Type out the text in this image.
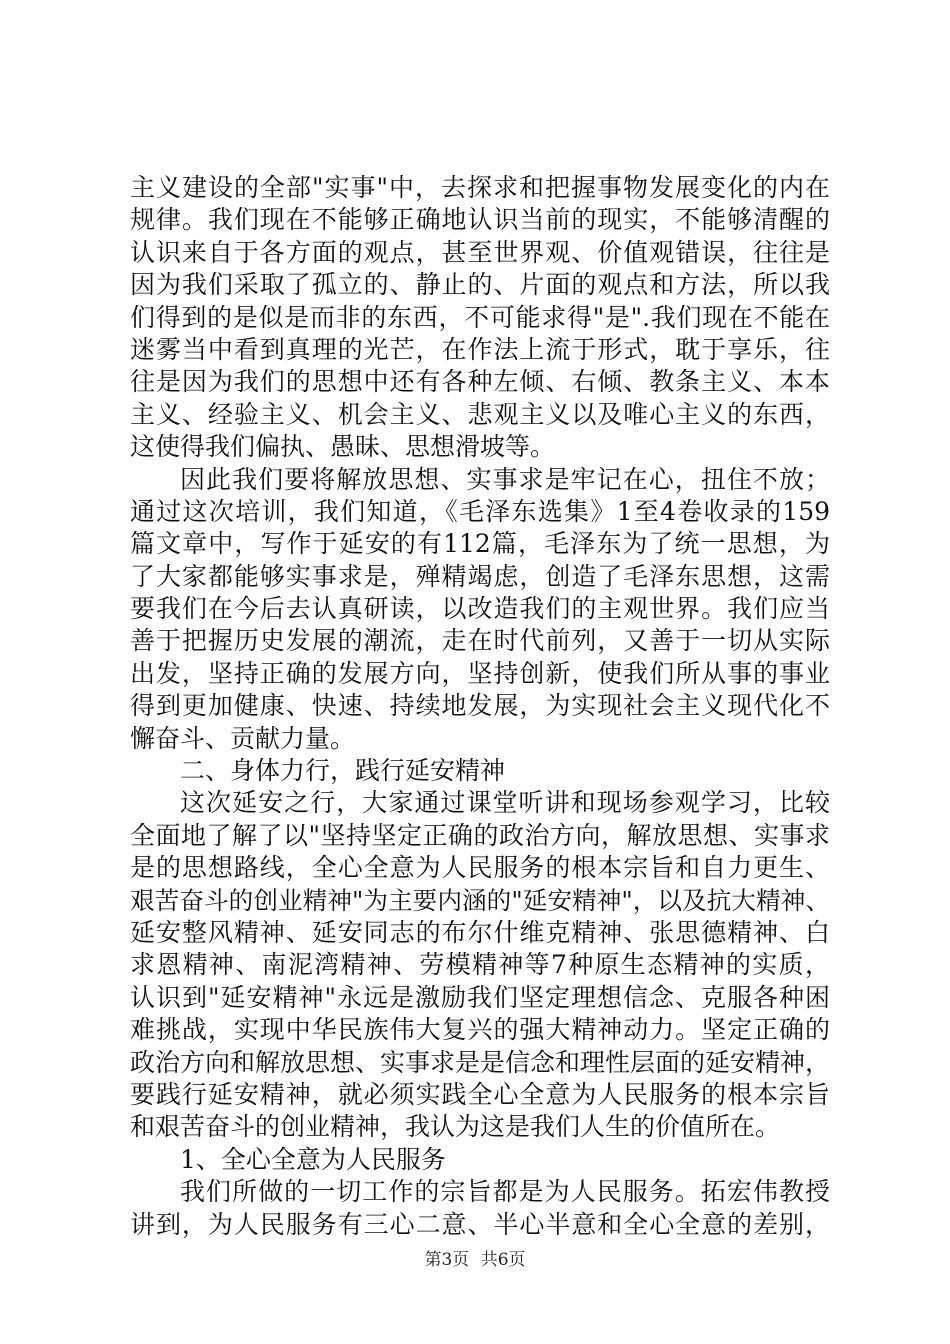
主义建设的全部"实事"中，去探求和把握事物发展变化的内在
规律。我们现在不能够正确地认识当前的现实，不能够清醒的
认识来自于各方面的观点，甚至世界观、价值观错误，往往是
因为我们采取了孤立的、静止的、片面的观点和方法，所以我
们得到的是似是而非的东西，不可能求得"是".我们现在不能在
迷雾当中看到真理的光芒，在作法上流于形式，耽于享乐，往
往是因为我们的思想中还有各种左倾、右倾、教条主义、本本
主义、经验主义、机会主义、悲观主义以及唯心主义的东西，
这使得我们偏执、愚昧、思想滑坡等。
因此我们要将解放思想、实事求是牢记在心，扭住不放；
通过这次培训，我们知道，《毛泽东选集》1至4卷收录的159
篇文章中，写作于延安的有112篇，毛泽东为了统一思想，为
了大家都能够实事求是，殚精竭虑，创造了毛泽东思想，这需
要我们在今后去认真研读，以改造我们的主观世界。我们应当
善于把握历史发展的潮流，走在时代前列，又善于一切从实际
出发，坚持正确的发展方向，坚持创新，使我们所从事的事业
得到更加健康、快速、持续地发展，为实现社会主义现代化不
懈奋斗、贡献力量。
二、身体力行，践行延安精神
这次延安之行，大家通过课堂听讲和现场参观学习，比较
全面地了解了以"坚持坚定正确的政治方向，解放思想、实事求
是的思想路线，全心全意为人民服务的根本宗旨和自力更生、
艰苦奋斗的创业精神"为主要内涵的"延安精神"，以及抗大精神、
延安整风精神、延安同志的布尔什维克精神、张思德精神、白
求恩精神、南泥湾精神、劳模精神等7种原生态精神的实质，
认识到"延安精神"永远是激励我们坚定理想信念、克服各种困
难挑战，实现中华民族伟大复兴的强大精神动力。坚定正确的
政治方向和解放思想、实事求是是信念和理性层面的延安精神，
要践行延安精神，就必须实践全心全意为人民服务的根本宗旨
和艰苦奋斗的创业精神，我认为这是我们人生的价值所在。
1、全心全意为人民服务
我们所做的一切工作的宗旨都是为人民服务。拓宏伟教授
讲到，为人民服务有三心二意、半心半意和全心全意的差别，
第3页 共6页
